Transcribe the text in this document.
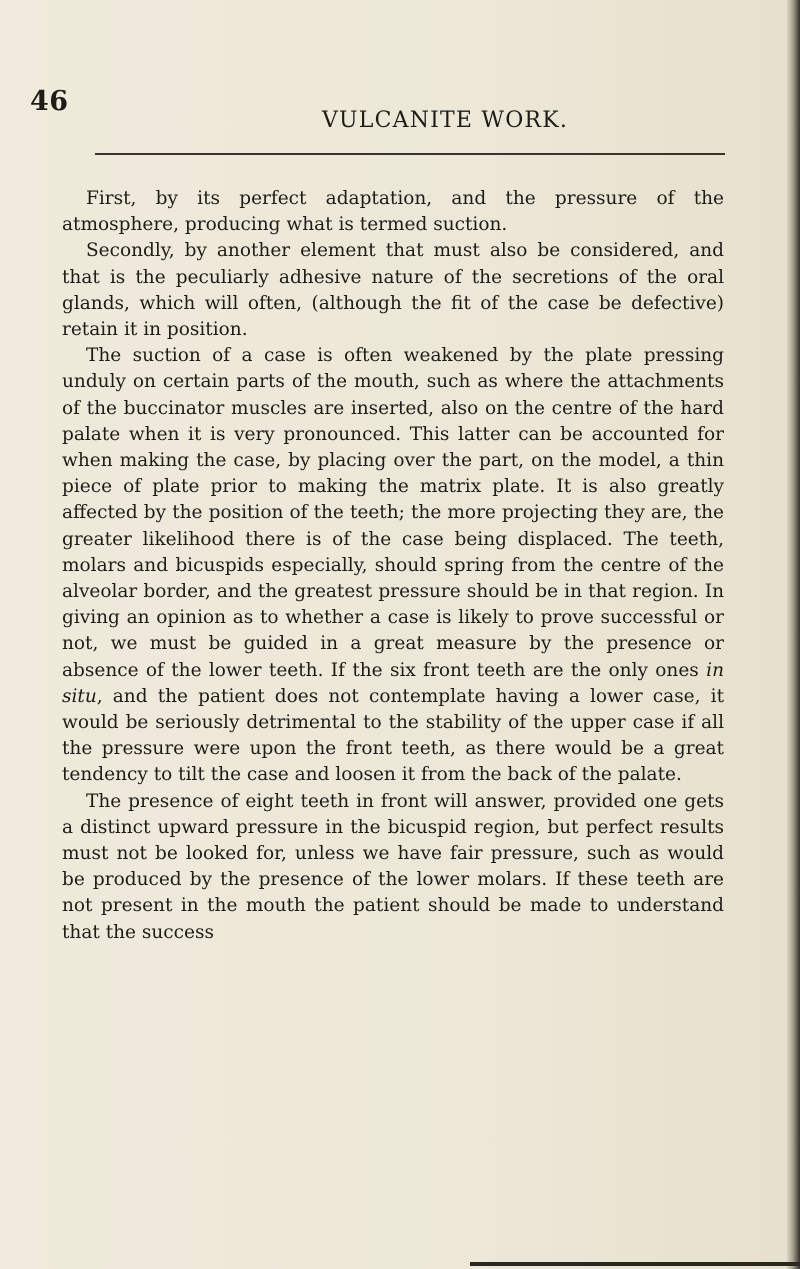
46
VULCANITE WORK.

First, by its perfect adaptation, and the pressure of the atmosphere, producing what is termed suction.

Secondly, by another element that must also be considered, and that is the peculiarly adhesive nature of the secretions of the oral glands, which will often, (although the fit of the case be defective) retain it in position.

The suction of a case is often weakened by the plate pressing unduly on certain parts of the mouth, such as where the attachments of the buccinator muscles are inserted, also on the centre of the hard palate when it is very pronounced. This latter can be accounted for when making the case, by placing over the part, on the model, a thin piece of plate prior to making the matrix plate. It is also greatly affected by the position of the teeth; the more projecting they are, the greater likelihood there is of the case being displaced. The teeth, molars and bicuspids especially, should spring from the centre of the alveolar border, and the greatest pressure should be in that region. In giving an opinion as to whether a case is likely to prove successful or not, we must be guided in a great measure by the presence or absence of the lower teeth. If the six front teeth are the only ones in situ, and the patient does not contemplate having a lower case, it would be seriously detrimental to the stability of the upper case if all the pressure were upon the front teeth, as there would be a great tendency to tilt the case and loosen it from the back of the palate.

The presence of eight teeth in front will answer, provided one gets a distinct upward pressure in the bicuspid region, but perfect results must not be looked for, unless we have fair pressure, such as would be produced by the presence of the lower molars. If these teeth are not present in the mouth the patient should be made to understand that the success
